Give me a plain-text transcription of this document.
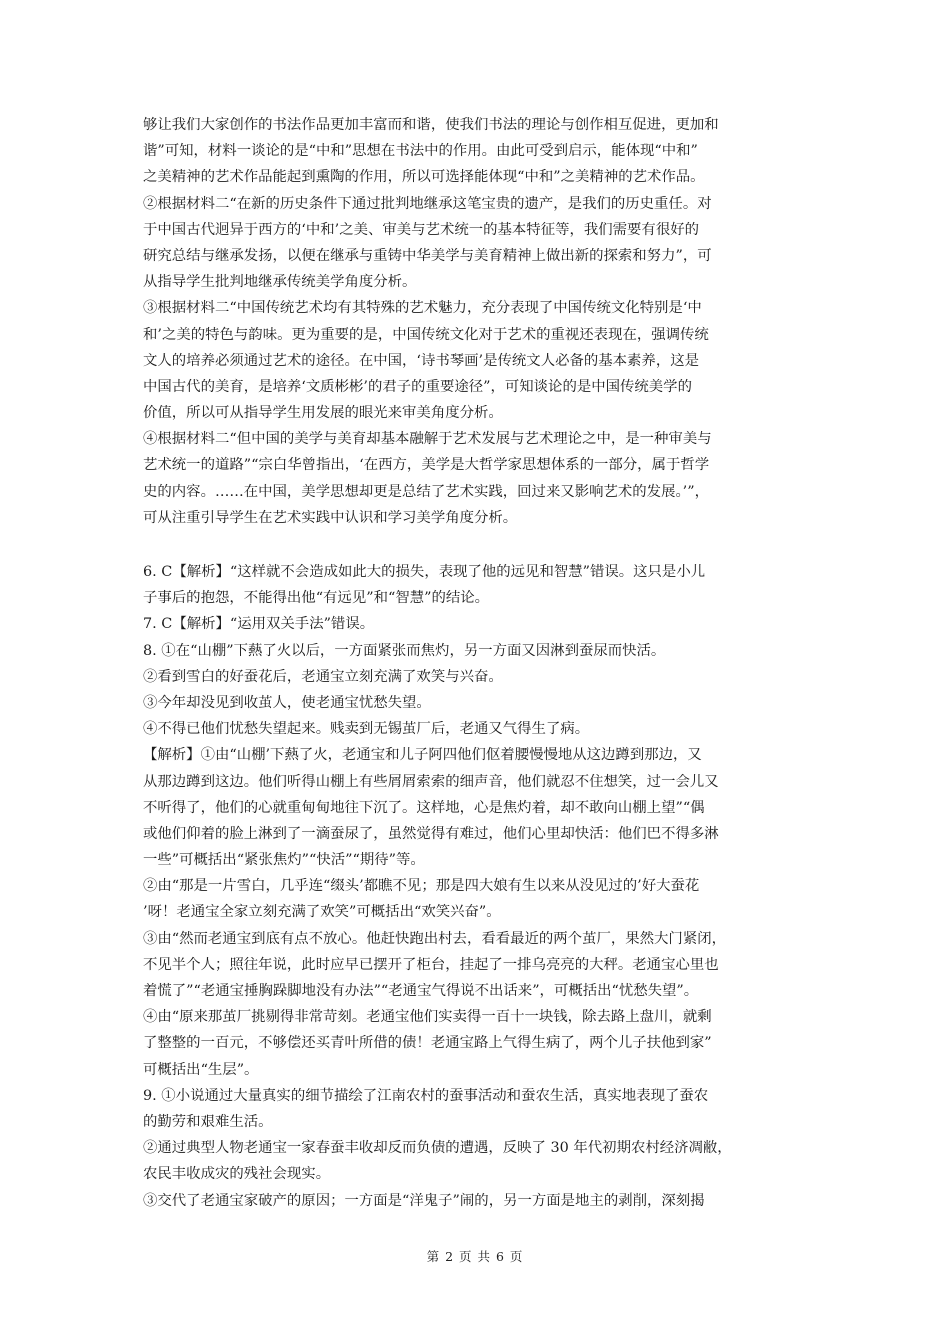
够让我们大家创作的书法作品更加丰富而和谐，使我们书法的理论与创作相互促进，更加和
谐”可知，材料一谈论的是“中和”思想在书法中的作用。由此可受到启示，能体现“中和”
之美精神的艺术作品能起到熏陶的作用，所以可选择能体现“中和”之美精神的艺术作品。
②根据材料二“在新的历史条件下通过批判地继承这笔宝贵的遗产，是我们的历史重任。对
于中国古代迥异于西方的‘中和’之美、审美与艺术统一的基本特征等，我们需要有很好的
研究总结与继承发扬，以便在继承与重铸中华美学与美育精神上做出新的探索和努力”，可
从指导学生批判地继承传统美学角度分析。
③根据材料二“中国传统艺术均有其特殊的艺术魅力，充分表现了中国传统文化特别是‘中
和’之美的特色与韵味。更为重要的是，中国传统文化对于艺术的重视还表现在，强调传统
文人的培养必须通过艺术的途径。在中国，‘诗书琴画’是传统文人必备的基本素养，这是
中国古代的美育，是培养‘文质彬彬’的君子的重要途径”，可知谈论的是中国传统美学的
价值，所以可从指导学生用发展的眼光来审美角度分析。
④根据材料二“但中国的美学与美育却基本融解于艺术发展与艺术理论之中，是一种审美与
艺术统一的道路”“宗白华曾指出，‘在西方，美学是大哲学家思想体系的一部分，属于哲学
史的内容。……在中国，美学思想却更是总结了艺术实践，回过来又影响艺术的发展。’”，
可从注重引导学生在艺术实践中认识和学习美学角度分析。
6. C【解析】“这样就不会造成如此大的损失，表现了他的远见和智慧”错误。这只是小儿
子事后的抱怨，不能得出他“有远见”和“智慧”的结论。
7. C【解析】“运用双关手法”错误。
8. ①在“山棚”下爇了火以后，一方面紧张而焦灼，另一方面又因淋到蚕尿而快活。
②看到雪白的好蚕花后，老通宝立刻充满了欢笑与兴奋。
③今年却没见到收茧人，使老通宝忧愁失望。
④不得已他们忧愁失望起来。贱卖到无锡茧厂后，老通又气得生了病。
【解析】①由“山棚’下爇了火，老通宝和儿子阿四他们伛着腰慢慢地从这边蹲到那边，又
从那边蹲到这边。他们听得山棚上有些屑屑索索的细声音，他们就忍不住想笑，过一会儿又
不听得了，他们的心就重甸甸地往下沉了。这样地，心是焦灼着，却不敢向山棚上望”“偶
或他们仰着的脸上淋到了一滴蚕尿了，虽然觉得有难过，他们心里却快活：他们巴不得多淋
一些”可概括出“紧张焦灼”“快活”“期待”等。
②由“那是一片雪白，几乎连“缀头’都瞧不见；那是四大娘有生以来从没见过的’好大蚕花
’呀！老通宝全家立刻充满了欢笑”可概括出“欢笑兴奋”。
③由“然而老通宝到底有点不放心。他赶快跑出村去，看看最近的两个茧厂，果然大门紧闭，
不见半个人；照往年说，此时应早已摆开了柜台，挂起了一排乌亮亮的大秤。老通宝心里也
着慌了”“老通宝捶胸跺脚地没有办法”“老通宝气得说不出话来”，可概括出“忧愁失望”。
④由“原来那茧厂挑剔得非常苛刻。老通宝他们实卖得一百十一块钱，除去路上盘川，就剩
了整整的一百元，不够偿还买青叶所借的债！老通宝路上气得生病了，两个儿子扶他到家”
可概括出“生层”。
9. ①小说通过大量真实的细节描绘了江南农村的蚕事活动和蚕农生活，真实地表现了蚕农
的勤劳和艰难生活。
②通过典型人物老通宝一家春蚕丰收却反而负债的遭遇，反映了 30 年代初期农村经济凋敝，
农民丰收成灾的残社会现实。
③交代了老通宝家破产的原因；一方面是“洋鬼子”闹的，另一方面是地主的剥削，深刻揭
第 2 页 共 6 页
